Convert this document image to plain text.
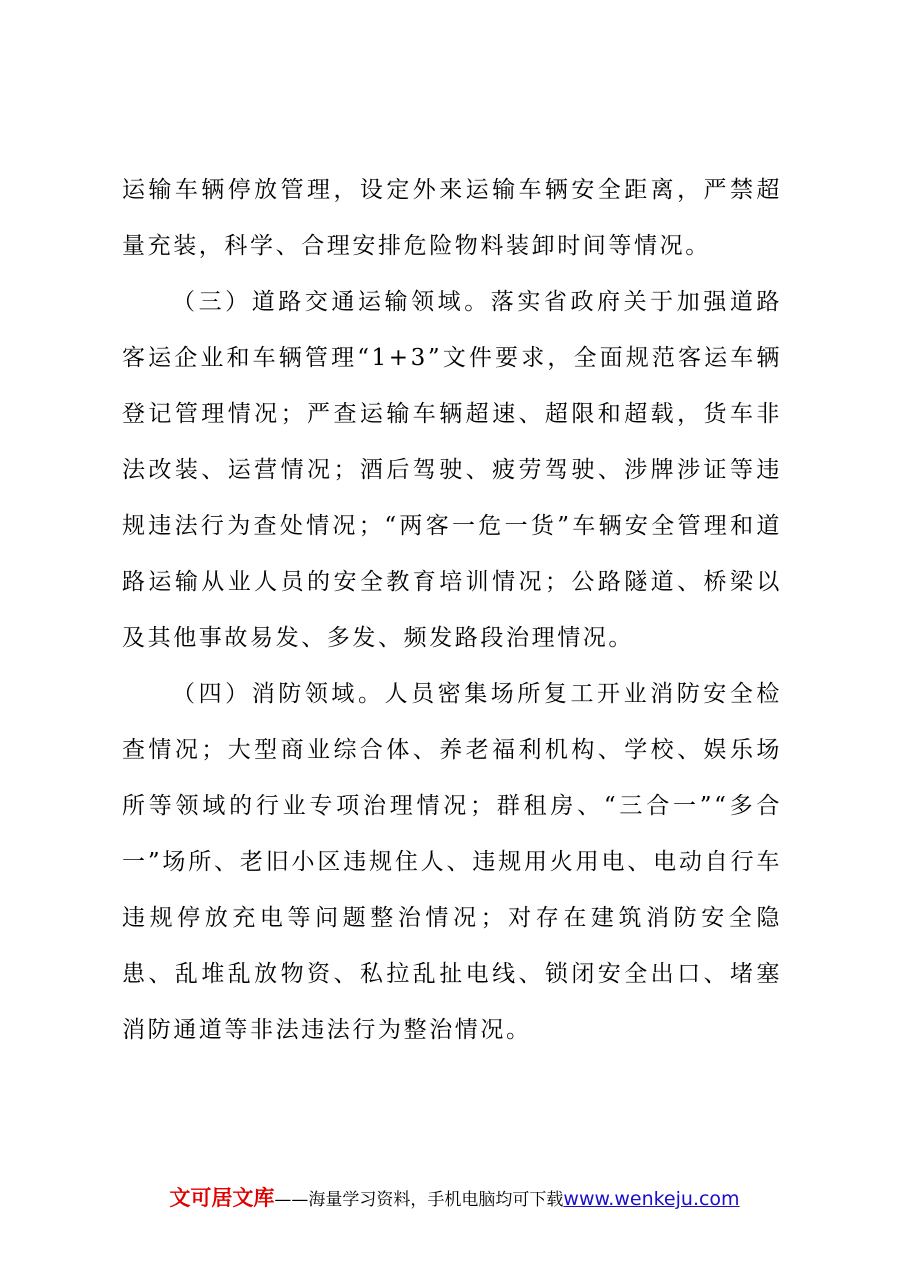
运输车辆停放管理，设定外来运输车辆安全距离，严禁超量充装，科学、合理安排危险物料装卸时间等情况。

（三）道路交通运输领域。落实省政府关于加强道路客运企业和车辆管理“1+3”文件要求，全面规范客运车辆登记管理情况；严查运输车辆超速、超限和超载，货车非法改装、运营情况；酒后驾驶、疲劳驾驶、涉牌涉证等违规违法行为查处情况；“两客一危一货”车辆安全管理和道路运输从业人员的安全教育培训情况；公路隧道、桥梁以及其他事故易发、多发、频发路段治理情况。

（四）消防领域。人员密集场所复工开业消防安全检查情况；大型商业综合体、养老福利机构、学校、娱乐场所等领域的行业专项治理情况；群租房、“三合一”“多合一”场所、老旧小区违规住人、违规用火用电、电动自行车违规停放充电等问题整治情况；对存在建筑消防安全隐患、乱堆乱放物资、私拉乱扯电线、锁闭安全出口、堵塞消防通道等非法违法行为整治情况。

文可居文库——海量学习资料，手机电脑均可下载www.wenkeju.com
